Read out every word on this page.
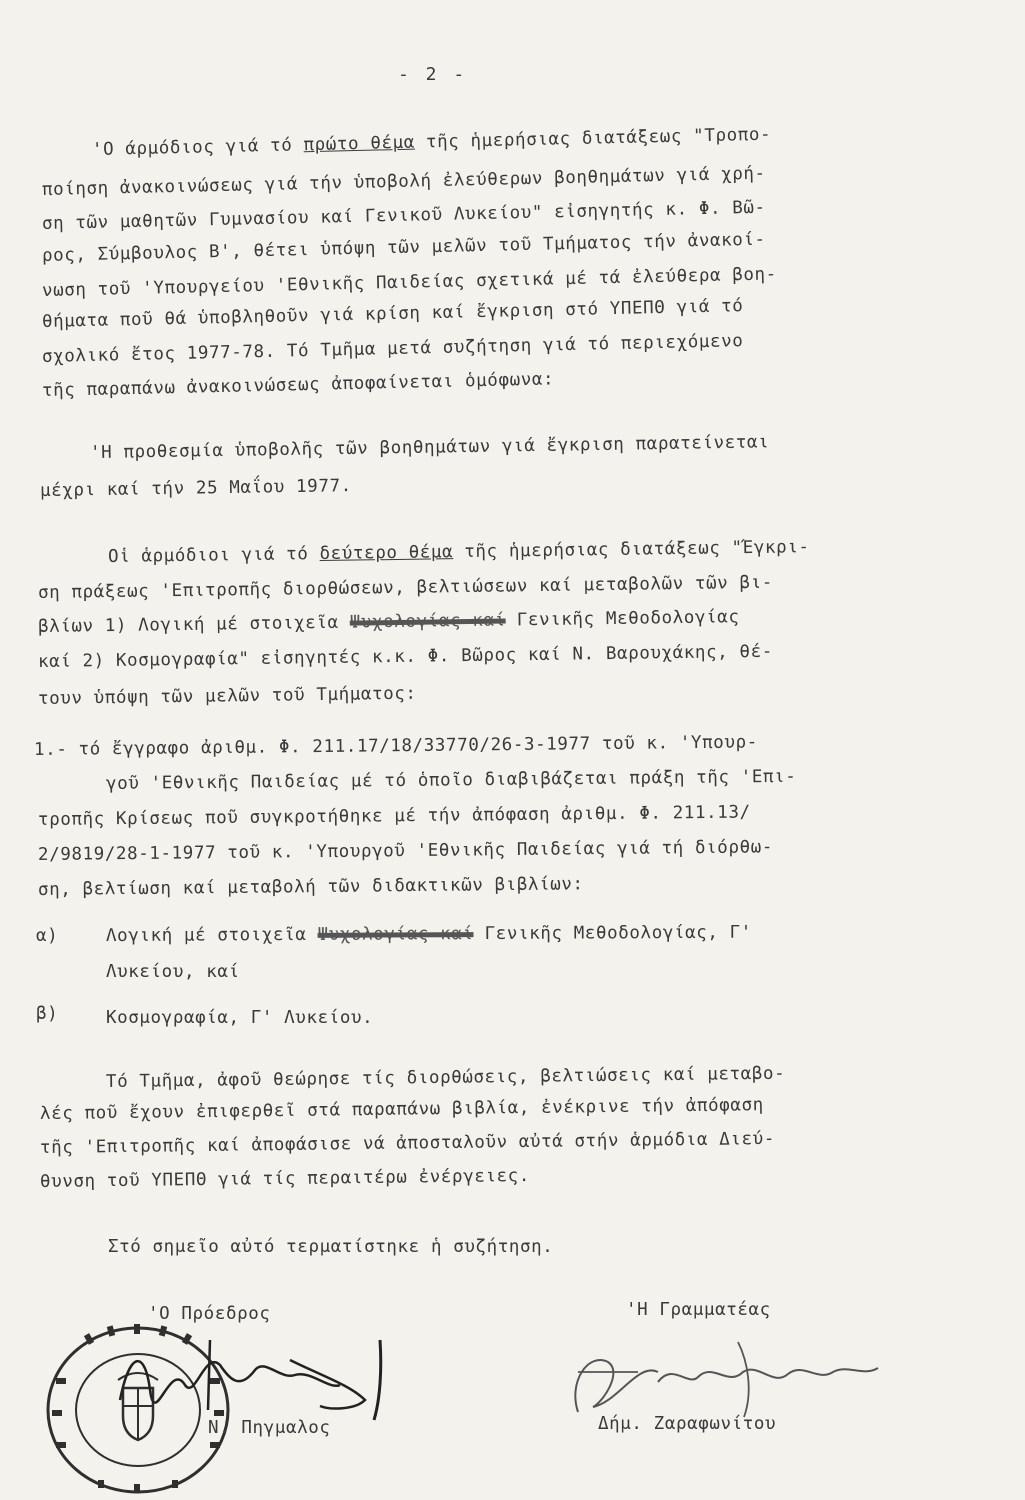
- 2 -
'Ο άρμόδιος γιά τό πρώτο θέμα τῆς ἡμερήσιας διατάξεως "Τροπο-
ποίηση ἀνακοινώσεως γιά τήν ὑποβολή ἐλεύθερων βοηθημάτων γιά χρή-
ση τῶν μαθητῶν Γυμνασίου καί Γενικοῦ Λυκείου" εἰσηγητής κ. Φ. Βῶ-
ρος, Σύμβουλος Β', θέτει ὑπόψη τῶν μελῶν τοῦ Τμήματος τήν ἀνακοί-
νωση τοῦ 'Υπουργείου 'Εθνικῆς Παιδείας σχετικά μέ τά ἐλεύθερα βοη-
θήματα ποῦ θά ὑποβληθοῦν γιά κρίση καί ἔγκριση στό ΥΠΕΠΘ γιά τό
σχολικό ἔτος 1977-78. Τό Τμῆμα μετά συζήτηση γιά τό περιεχόμενο
τῆς παραπάνω ἀνακοινώσεως ἀποφαίνεται ὁμόφωνα:
'Η προθεσμία ὑποβολῆς τῶν βοηθημάτων γιά ἔγκριση παρατείνεται
μέχρι καί τήν 25 Μαΐου 1977.
Οἱ ἁρμόδιοι γιά τό δεύτερο θέμα τῆς ἡμερήσιας διατάξεως "Έγκρι-
ση πράξεως 'Επιτροπῆς διορθώσεων, βελτιώσεων καί μεταβολῶν τῶν βι-
βλίων 1) Λογική μέ στοιχεῖα Ψυχολογίας καί Γενικῆς Μεθοδολογίας
καί 2) Κοσμογραφία" εἰσηγητές κ.κ. Φ. Βῶρος καί Ν. Βαρουχάκης, θέ-
τουν ὑπόψη τῶν μελῶν τοῦ Τμήματος:
1.- τό ἔγγραφο ἀριθμ. Φ. 211.17/18/33770/26-3-1977 τοῦ κ. 'Υπουρ-
γοῦ 'Εθνικῆς Παιδείας μέ τό ὁποῖο διαβιβάζεται πράξη τῆς 'Επι-
τροπῆς Κρίσεως ποῦ συγκροτήθηκε μέ τήν ἀπόφαση ἀριθμ. Φ. 211.13/
2/9819/28-1-1977 τοῦ κ. 'Υπουργοῦ 'Εθνικῆς Παιδείας γιά τή διόρθω-
ση, βελτίωση καί μεταβολή τῶν διδακτικῶν βιβλίων:
α)	Λογική μέ στοιχεῖα Ψυχολογίας καί Γενικῆς Μεθοδολογίας, Γ'
Λυκείου, καί
β)	Κοσμογραφία, Γ' Λυκείου.
Τό Τμῆμα, ἀφοῦ θεώρησε τίς διορθώσεις, βελτιώσεις καί μεταβο-
λές ποῦ ἔχουν ἐπιφερθεῖ στά παραπάνω βιβλία, ἐνέκρινε τήν ἀπόφαση
τῆς 'Επιτροπῆς καί ἀποφάσισε νά ἀποσταλοῦν αὐτά στήν ἁρμόδια Διεύ-
θυνση τοῦ ΥΠΕΠΘ γιά τίς περαιτέρω ἐνέργειες.
Στό σημεῖο αὐτό τερματίστηκε ἡ συζήτηση.
'Ο Πρόεδρος	'Η Γραμματέας
Ν. Πηγμαλος	Δήμ. Ζαραφωνίτου
